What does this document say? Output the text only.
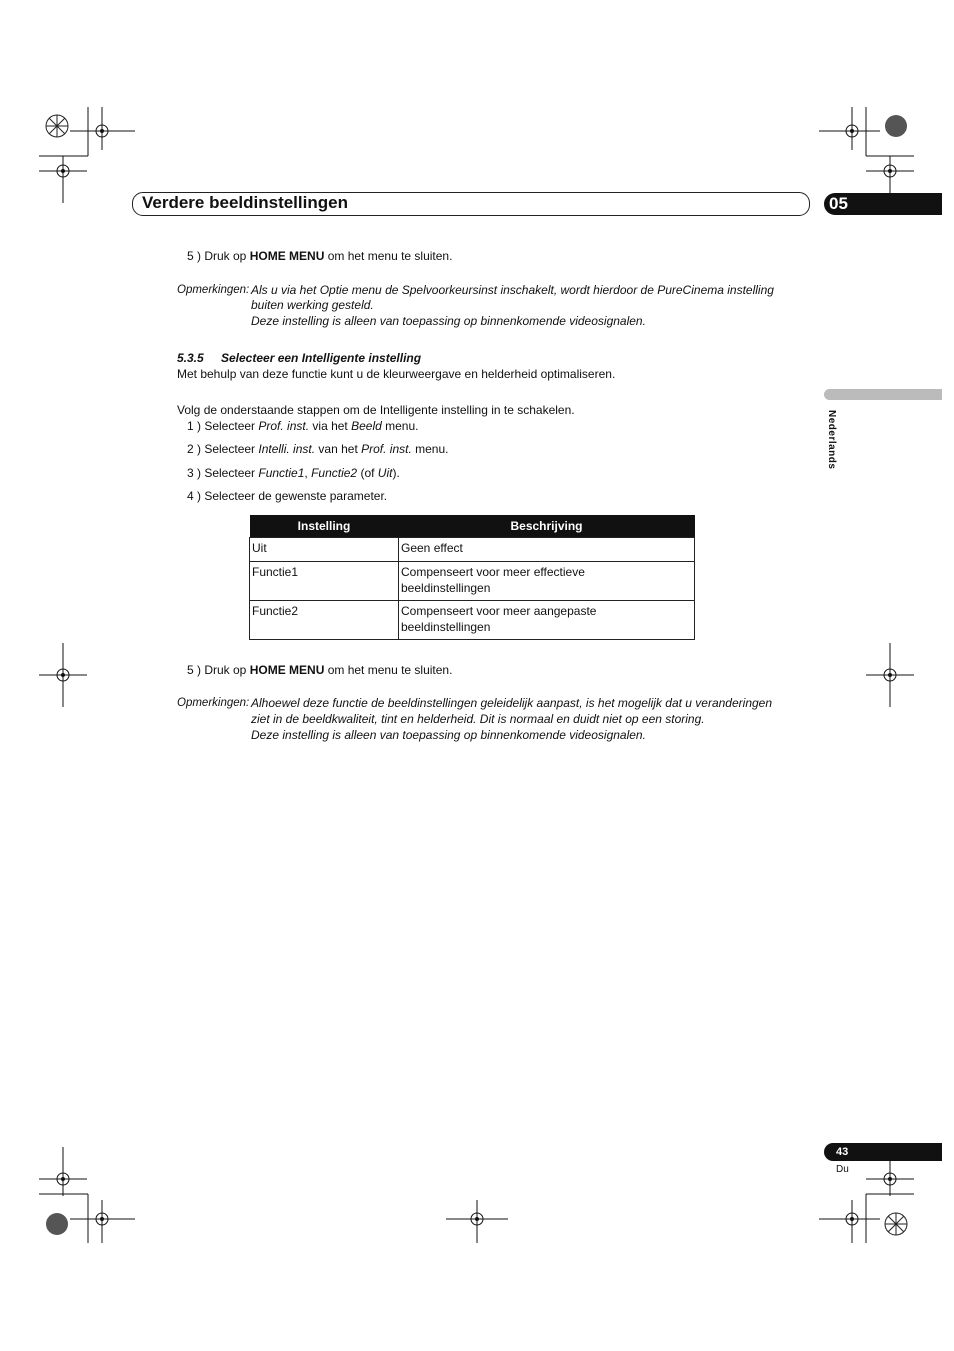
Verdere beeldinstellingen	05
Nederlands
5 ) Druk op HOME MENU om het menu te sluiten.
Opmerkingen: Als u via het Optie menu de Spelvoorkeursinst inschakelt, wordt hierdoor de PureCinema instelling
buiten werking gesteld.
Deze instelling is alleen van toepassing op binnenkomende videosignalen.
5.3.5 Selecteer een Intelligente instelling
Met behulp van deze functie kunt u de kleurweergave en helderheid optimaliseren.
Volg de onderstaande stappen om de Intelligente instelling in te schakelen.
1 ) Selecteer Prof. inst. via het Beeld menu.
2 ) Selecteer Intelli. inst. van het Prof. inst. menu.
3 ) Selecteer Functie1, Functie2 (of Uit).
4 ) Selecteer de gewenste parameter.
Instelling	Beschrijving
Uit	Geen effect
Functie1	Compenseert voor meer effectieve
beeldinstellingen
Functie2	Compenseert voor meer aangepaste
beeldinstellingen
5 ) Druk op HOME MENU om het menu te sluiten.
Opmerkingen: Alhoewel deze functie de beeldinstellingen geleidelijk aanpast, is het mogelijk dat u veranderingen
ziet in de beeldkwaliteit, tint en helderheid. Dit is normaal en duidt niet op een storing.
Deze instelling is alleen van toepassing op binnenkomende videosignalen.
43
Du
